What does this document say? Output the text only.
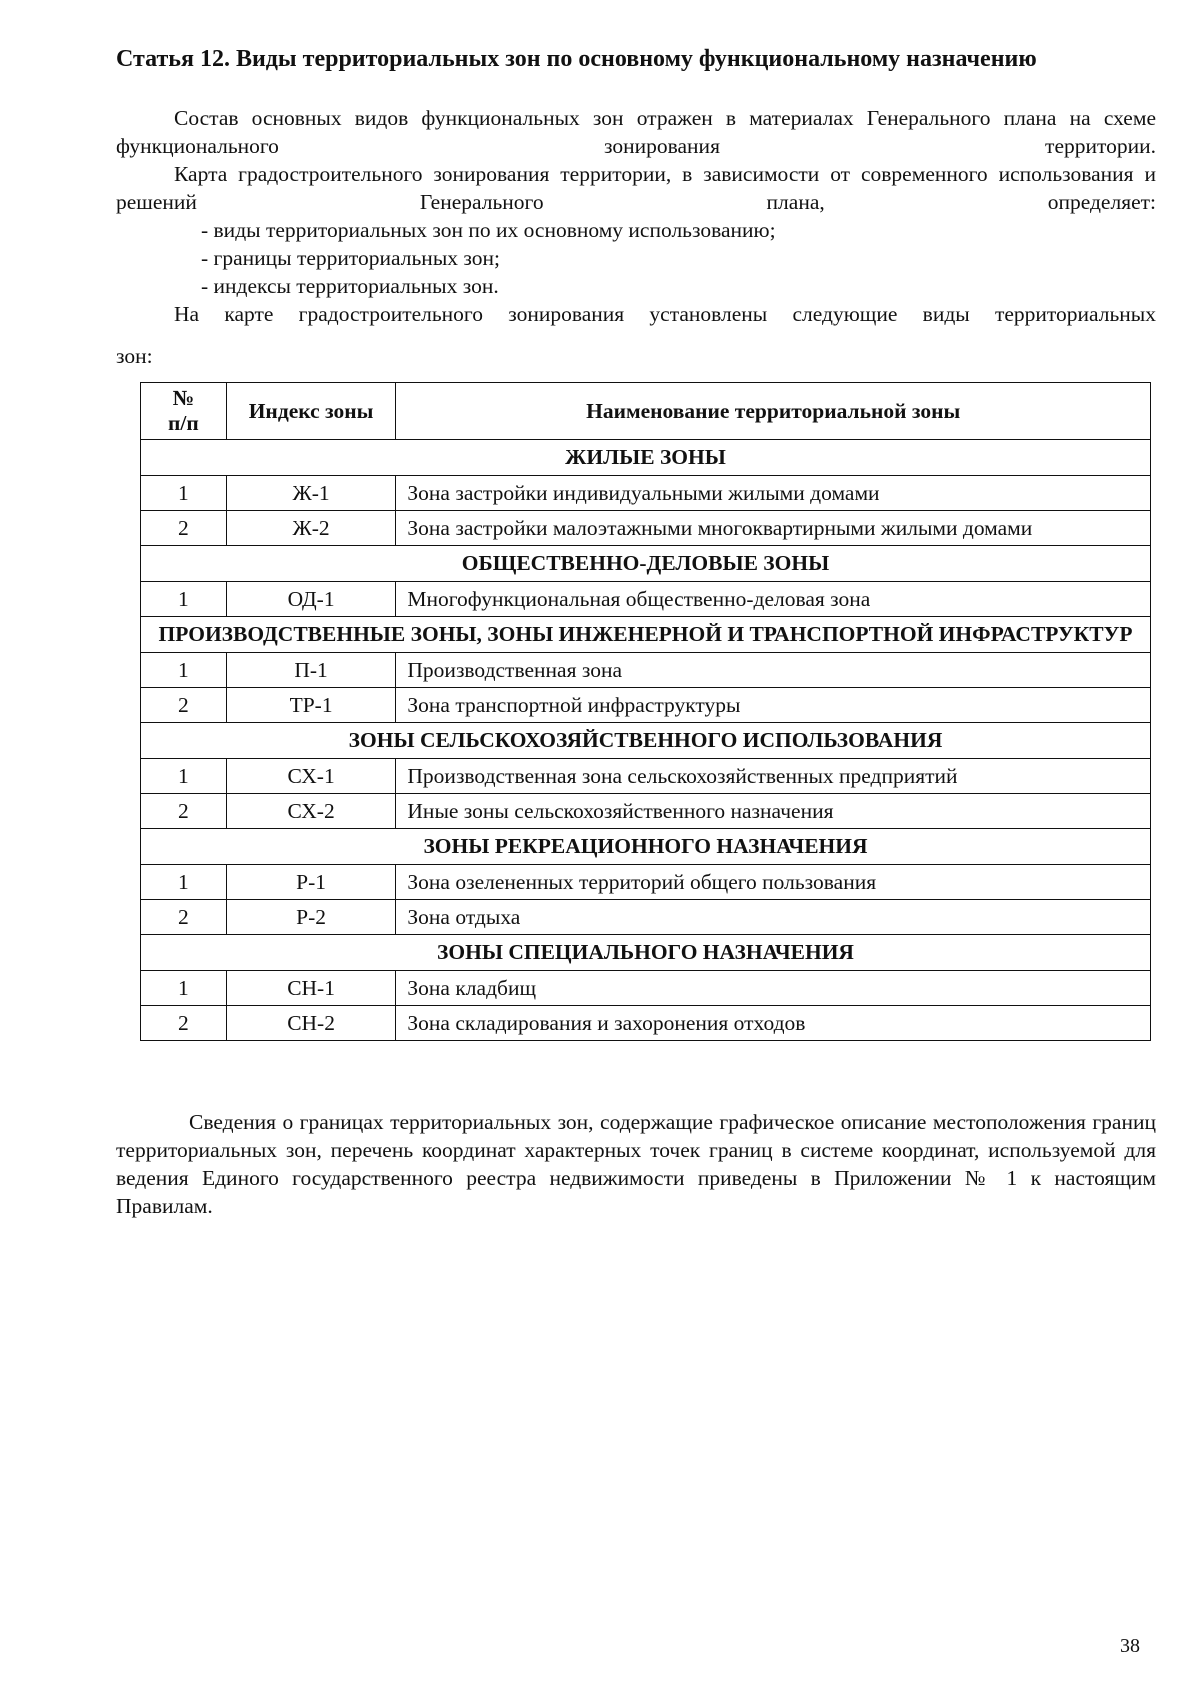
Статья 12. Виды территориальных зон по основному функциональному назначению
Состав основных видов функциональных зон отражен в материалах Генерального плана на схеме функционального зонирования территории.
Карта градостроительного зонирования территории, в зависимости от современного использования и решений Генерального плана, определяет:
- виды территориальных зон по их основному использованию;
- границы территориальных зон;
- индексы территориальных зон.
На карте градостроительного зонирования установлены следующие виды территориальных
зон:
№
п/п	Индекс зоны	Наименование территориальной зоны
ЖИЛЫЕ ЗОНЫ		
1	Ж-1	Зона застройки индивидуальными жилыми домами
2	Ж-2	Зона застройки малоэтажными многоквартирными жилыми домами
ОБЩЕСТВЕННО-ДЕЛОВЫЕ ЗОНЫ		
1	ОД-1	Многофункциональная общественно-деловая зона
ПРОИЗВОДСТВЕННЫЕ ЗОНЫ, ЗОНЫ ИНЖЕНЕРНОЙ И ТРАНСПОРТНОЙ ИНФРАСТРУКТУР		
1	П-1	Производственная зона
2	ТР-1	Зона транспортной инфраструктуры
ЗОНЫ СЕЛЬСКОХОЗЯЙСТВЕННОГО ИСПОЛЬЗОВАНИЯ		
1	СХ-1	Производственная зона сельскохозяйственных предприятий
2	СХ-2	Иные зоны сельскохозяйственного назначения
ЗОНЫ РЕКРЕАЦИОННОГО НАЗНАЧЕНИЯ		
1	Р-1	Зона озелененных территорий общего пользования
2	Р-2	Зона отдыха
ЗОНЫ СПЕЦИАЛЬНОГО НАЗНАЧЕНИЯ		
1	СН-1	Зона кладбищ
2	СН-2	Зона складирования и захоронения отходов
Сведения о границах территориальных зон, содержащие графическое описание местоположения границ территориальных зон, перечень координат характерных точек границ в системе координат, используемой для ведения Единого государственного реестра недвижимости приведены в Приложении № 1 к настоящим Правилам.
38
